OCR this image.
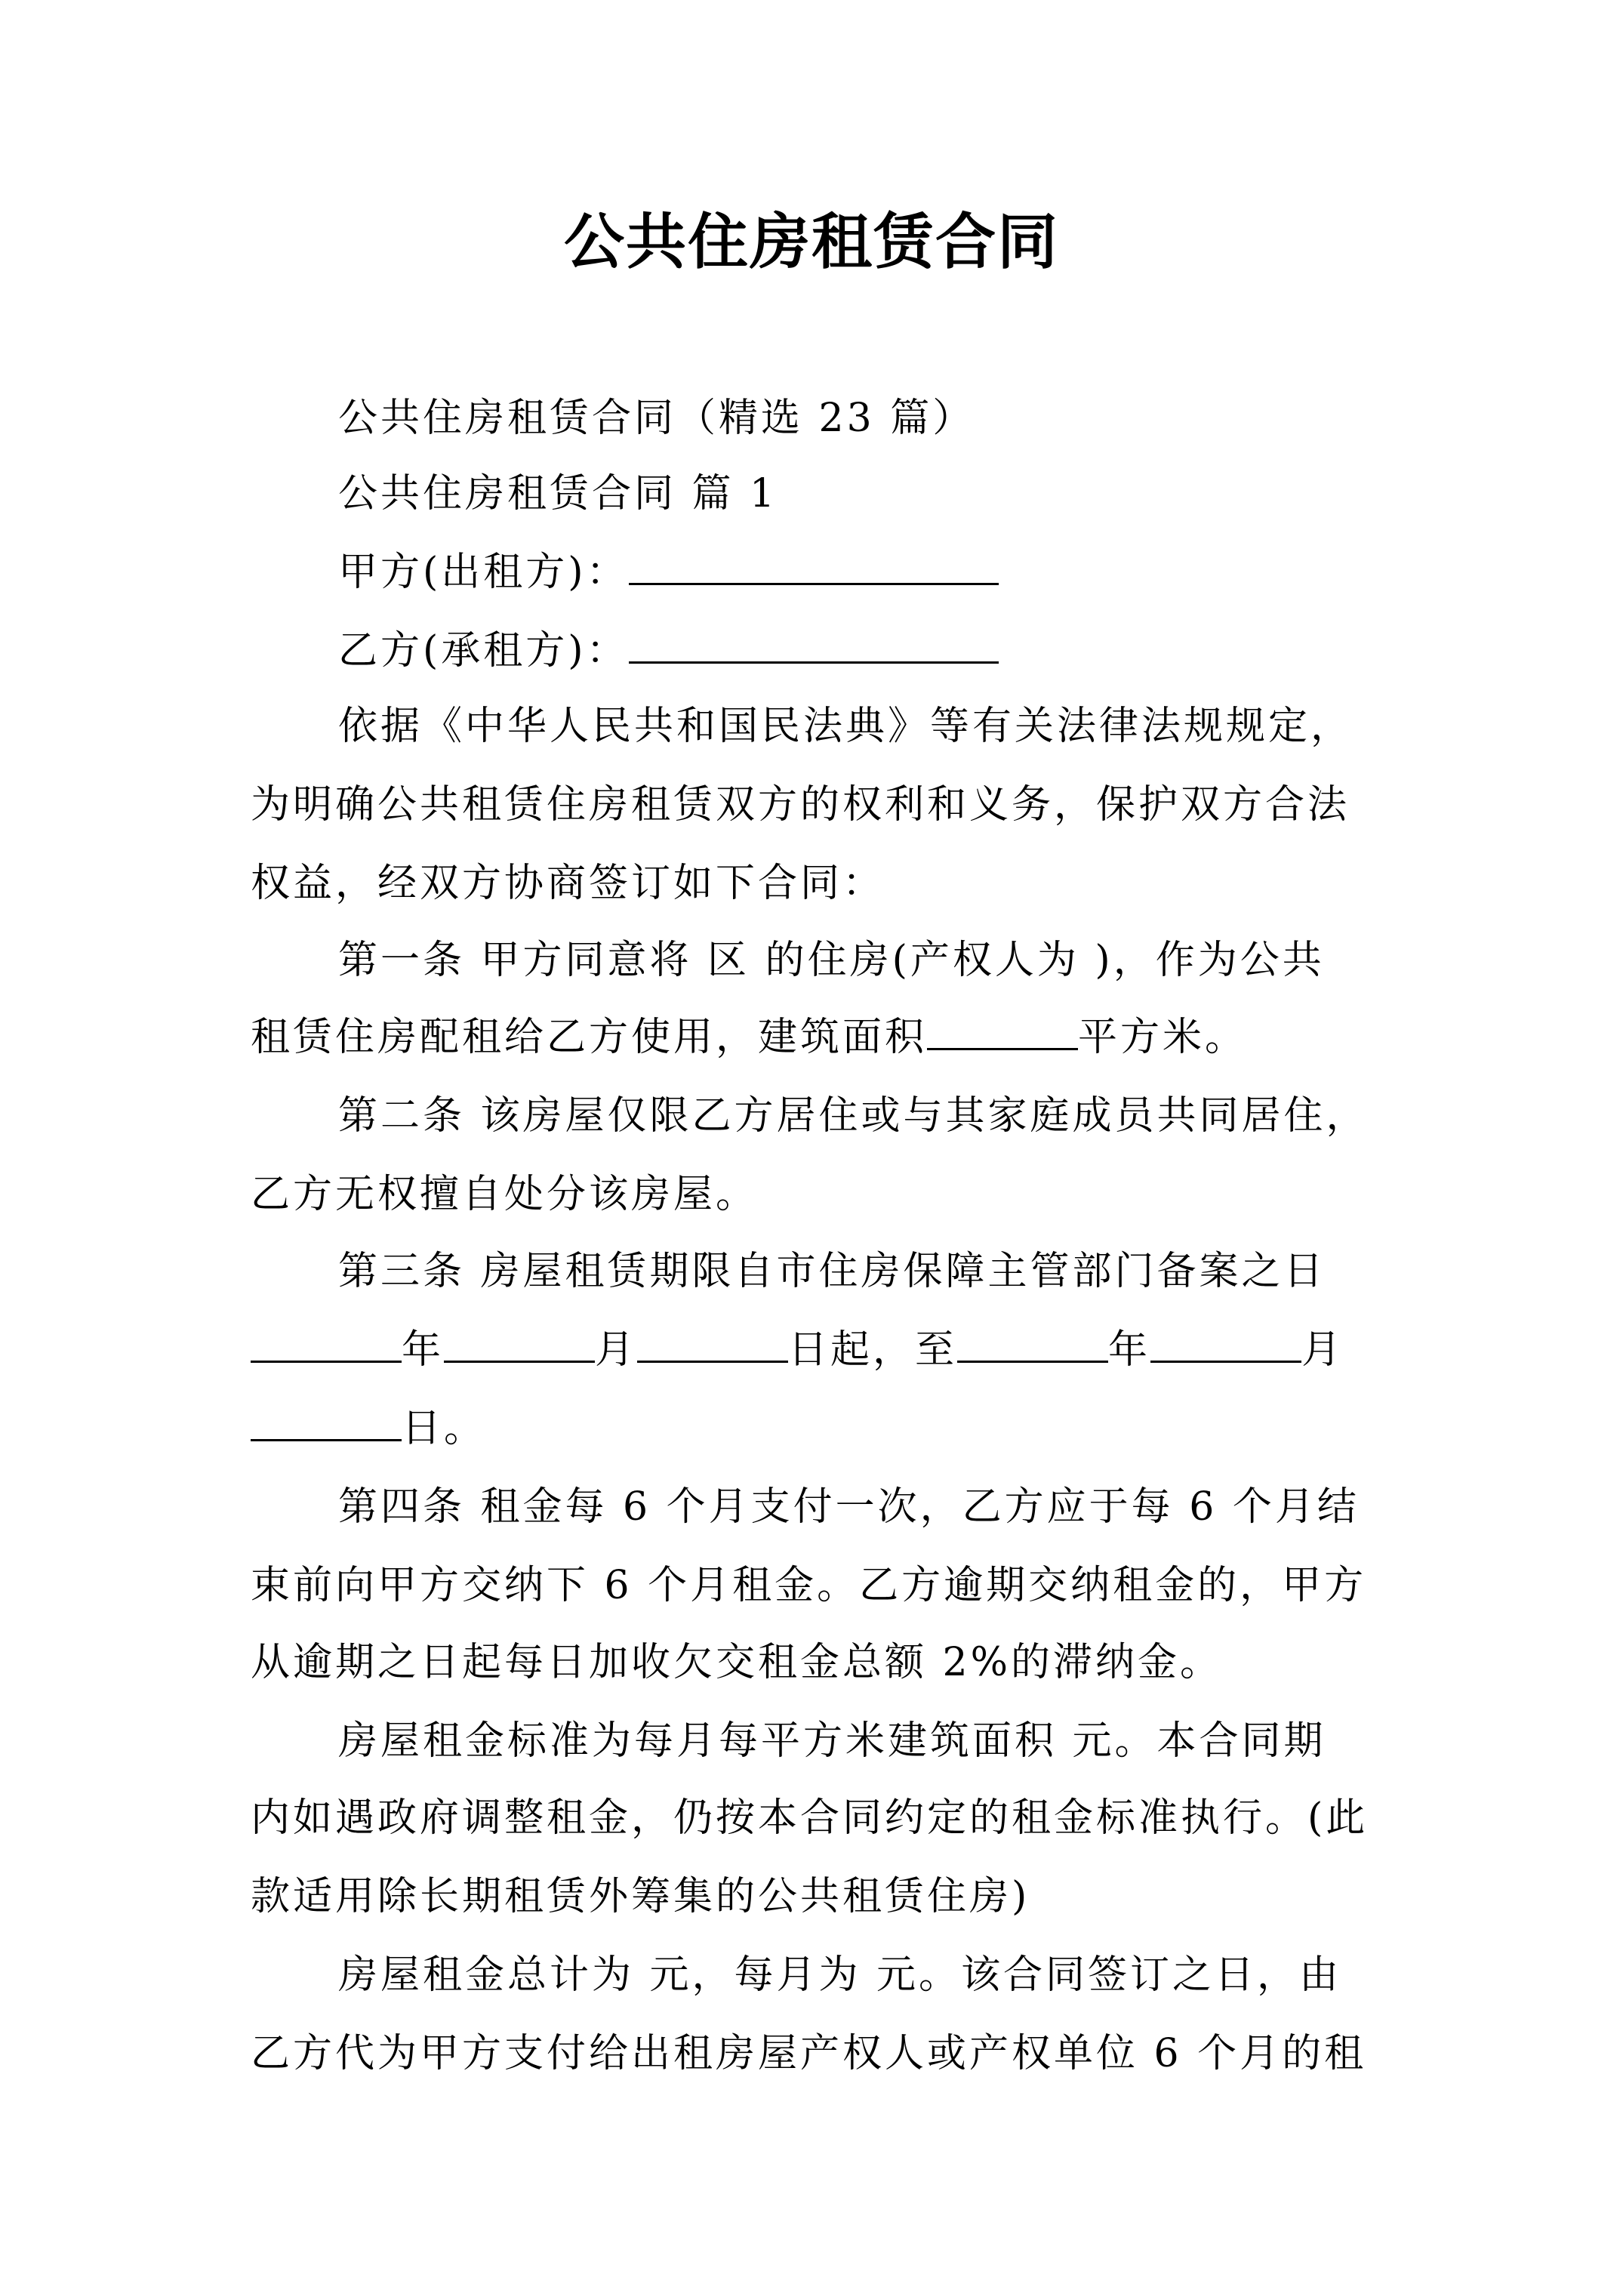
公共住房租赁合同
公共住房租赁合同（精选 23 篇）
公共住房租赁合同 篇 1
甲方(出租方)：
乙方(承租方)：
依据《中华人民共和国民法典》等有关法律法规规定，
为明确公共租赁住房租赁双方的权利和义务，保护双方合法
权益，经双方协商签订如下合同：
第一条 甲方同意将 区 的住房(产权人为 )，作为公共
租赁住房配租给乙方使用，建筑面积	平方米。
第二条 该房屋仅限乙方居住或与其家庭成员共同居住，
乙方无权擅自处分该房屋。
第三条 房屋租赁期限自市住房保障主管部门备案之日
年	月	日起，至	年	月
日。
第四条 租金每 6 个月支付一次，乙方应于每 6 个月结
束前向甲方交纳下 6 个月租金。乙方逾期交纳租金的，甲方
从逾期之日起每日加收欠交租金总额 2%的滞纳金。
房屋租金标准为每月每平方米建筑面积 元。本合同期
内如遇政府调整租金，仍按本合同约定的租金标准执行。(此
款适用除长期租赁外筹集的公共租赁住房)
房屋租金总计为 元，每月为 元。该合同签订之日，由
乙方代为甲方支付给出租房屋产权人或产权单位 6 个月的租
